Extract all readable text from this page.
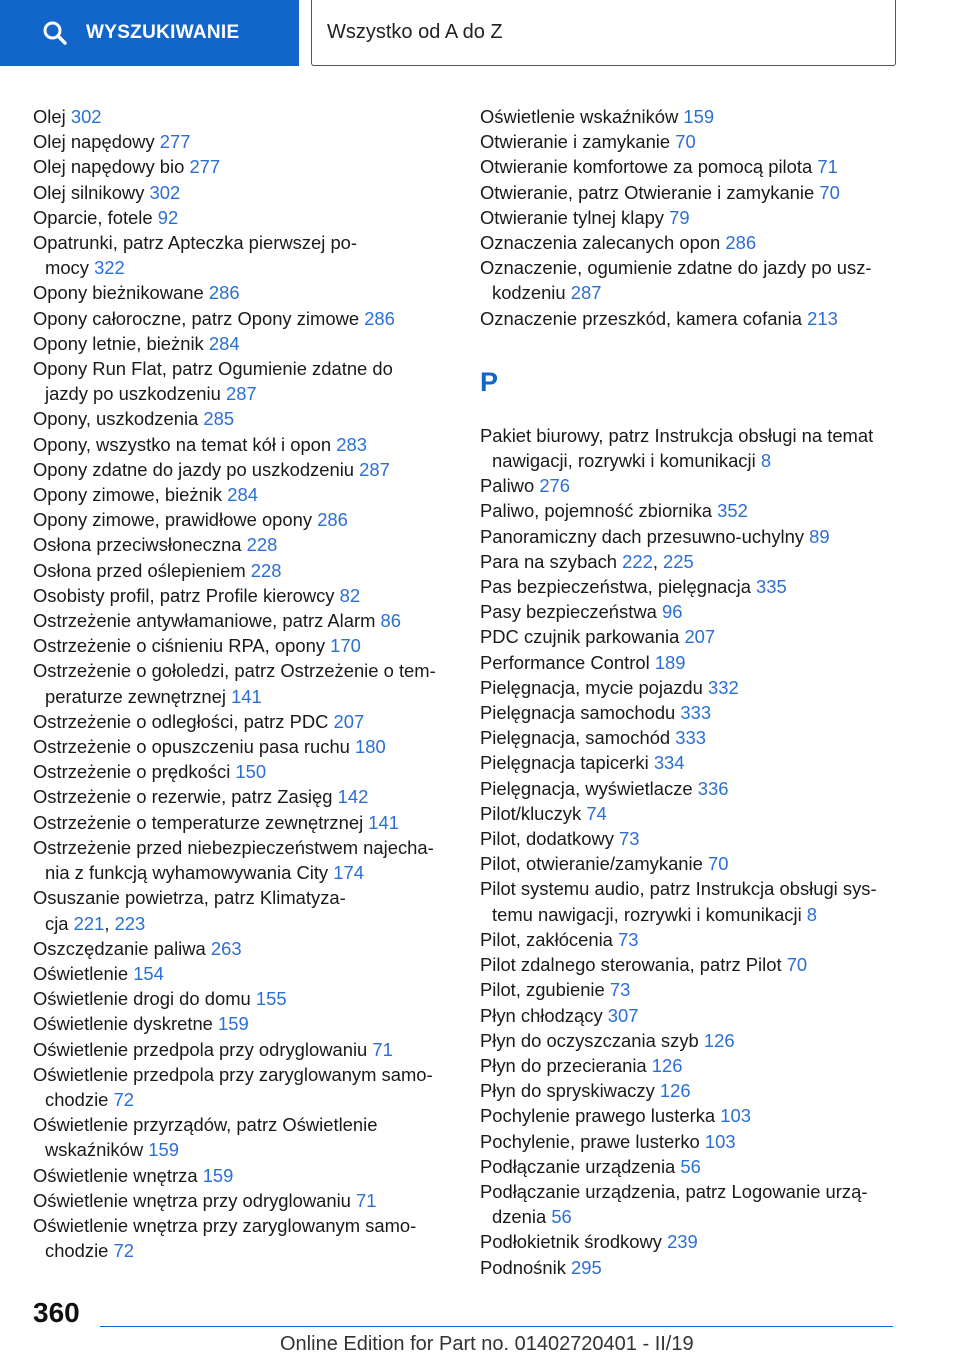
WYSZUKIWANIE	Wszystko od A do Z
Olej 302
Olej napędowy 277
Olej napędowy bio 277
Olej silnikowy 302
Oparcie, fotele 92
Opatrunki, patrz Apteczka pierwszej po-
mocy 322
Opony bieżnikowane 286
Opony całoroczne, patrz Opony zimowe 286
Opony letnie, bieżnik 284
Opony Run Flat, patrz Ogumienie zdatne do
jazdy po uszkodzeniu 287
Opony, uszkodzenia 285
Opony, wszystko na temat kół i opon 283
Opony zdatne do jazdy po uszkodzeniu 287
Opony zimowe, bieżnik 284
Opony zimowe, prawidłowe opony 286
Osłona przeciwsłoneczna 228
Osłona przed oślepieniem 228
Osobisty profil, patrz Profile kierowcy 82
Ostrzeżenie antywłamaniowe, patrz Alarm 86
Ostrzeżenie o ciśnieniu RPA, opony 170
Ostrzeżenie o gołoledzi, patrz Ostrzeżenie o tem-
peraturze zewnętrznej 141
Ostrzeżenie o odległości, patrz PDC 207
Ostrzeżenie o opuszczeniu pasa ruchu 180
Ostrzeżenie o prędkości 150
Ostrzeżenie o rezerwie, patrz Zasięg 142
Ostrzeżenie o temperaturze zewnętrznej 141
Ostrzeżenie przed niebezpieczeństwem najecha-
nia z funkcją wyhamowywania City 174
Osuszanie powietrza, patrz Klimatyza-
cja 221, 223
Oszczędzanie paliwa 263
Oświetlenie 154
Oświetlenie drogi do domu 155
Oświetlenie dyskretne 159
Oświetlenie przedpola przy odryglowaniu 71
Oświetlenie przedpola przy zaryglowanym samo-
chodzie 72
Oświetlenie przyrządów, patrz Oświetlenie
wskaźników 159
Oświetlenie wnętrza 159
Oświetlenie wnętrza przy odryglowaniu 71
Oświetlenie wnętrza przy zaryglowanym samo-
chodzie 72
Oświetlenie wskaźników 159
Otwieranie i zamykanie 70
Otwieranie komfortowe za pomocą pilota 71
Otwieranie, patrz Otwieranie i zamykanie 70
Otwieranie tylnej klapy 79
Oznaczenia zalecanych opon 286
Oznaczenie, ogumienie zdatne do jazdy po usz-
kodzeniu 287
Oznaczenie przeszkód, kamera cofania 213
P
Pakiet biurowy, patrz Instrukcja obsługi na temat
nawigacji, rozrywki i komunikacji 8
Paliwo 276
Paliwo, pojemność zbiornika 352
Panoramiczny dach przesuwno-uchylny 89
Para na szybach 222, 225
Pas bezpieczeństwa, pielęgnacja 335
Pasy bezpieczeństwa 96
PDC czujnik parkowania 207
Performance Control 189
Pielęgnacja, mycie pojazdu 332
Pielęgnacja samochodu 333
Pielęgnacja, samochód 333
Pielęgnacja tapicerki 334
Pielęgnacja, wyświetlacze 336
Pilot/kluczyk 74
Pilot, dodatkowy 73
Pilot, otwieranie/zamykanie 70
Pilot systemu audio, patrz Instrukcja obsługi sys-
temu nawigacji, rozrywki i komunikacji 8
Pilot, zakłócenia 73
Pilot zdalnego sterowania, patrz Pilot 70
Pilot, zgubienie 73
Płyn chłodzący 307
Płyn do oczyszczania szyb 126
Płyn do przecierania 126
Płyn do spryskiwaczy 126
Pochylenie prawego lusterka 103
Pochylenie, prawe lusterko 103
Podłączanie urządzenia 56
Podłączanie urządzenia, patrz Logowanie urzą-
dzenia 56
Podłokietnik środkowy 239
Podnośnik 295
360
Online Edition for Part no. 01402720401 - II/19
